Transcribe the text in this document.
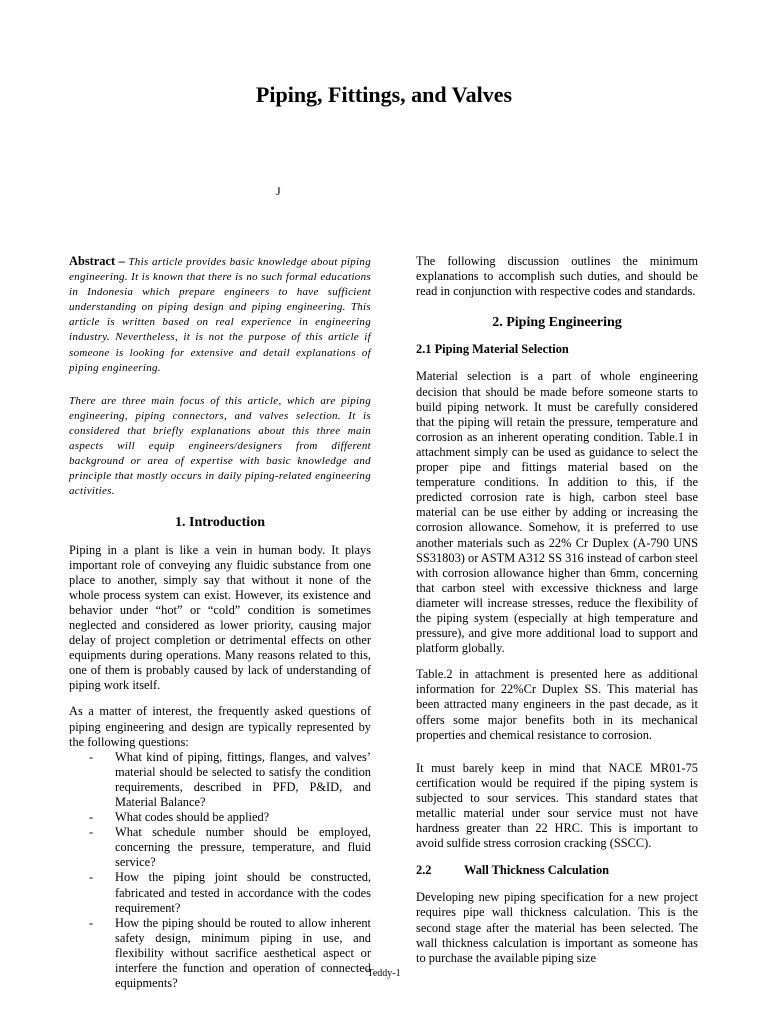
Piping, Fittings, and Valves
J
Abstract – This article provides basic knowledge about piping engineering. It is known that there is no such formal educations in Indonesia which prepare engineers to have sufficient understanding on piping design and piping engineering. This article is written based on real experience in engineering industry. Nevertheless, it is not the purpose of this article if someone is looking for extensive and detail explanations of piping engineering.
There are three main focus of this article, which are piping engineering, piping connectors, and valves selection. It is considered that briefly explanations about this three main aspects will equip engineers/designers from different background or area of expertise with basic knowledge and principle that mostly occurs in daily piping-related engineering activities.
1. Introduction

Piping in a plant is like a vein in human body. It plays important role of conveying any fluidic substance from one place to another, simply say that without it none of the whole process system can exist. However, its existence and behavior under “hot” or “cold” condition is sometimes neglected and considered as lower priority, causing major delay of project completion or detrimental effects on other equipments during operations. Many reasons related to this, one of them is probably caused by lack of understanding of piping work itself.

As a matter of interest, the frequently asked questions of piping engineering and design are typically represented by the following questions:

- What kind of piping, fittings, flanges, and valves’ material should be selected to satisfy the condition requirements, described in PFD, P&ID, and Material Balance?
- What codes should be applied?
- What schedule number should be employed, concerning the pressure, temperature, and fluid service?
- How the piping joint should be constructed, fabricated and tested in accordance with the codes requirement?
- How the piping should be routed to allow inherent safety design, minimum piping in use, and flexibility without sacrifice aesthetical aspect or interfere the function and operation of connected equipments?

The following discussion outlines the minimum explanations to accomplish such duties, and should be read in conjunction with respective codes and standards.

2. Piping Engineering
2.1 Piping Material Selection

Material selection is a part of whole engineering decision that should be made before someone starts to build piping network. It must be carefully considered that the piping will retain the pressure, temperature and corrosion as an inherent operating condition. Table.1 in attachment simply can be used as guidance to select the proper pipe and fittings material based on the temperature conditions. In addition to this, if the predicted corrosion rate is high, carbon steel base material can be use either by adding or increasing the corrosion allowance. Somehow, it is preferred to use another materials such as 22% Cr Duplex (A-790 UNS SS31803) or ASTM A312 SS 316 instead of carbon steel with corrosion allowance higher than 6mm, concerning that carbon steel with excessive thickness and large diameter will increase stresses, reduce the flexibility of the piping system (especially at high temperature and pressure), and give more additional load to support and platform globally.

Table.2 in attachment is presented here as additional information for 22%Cr Duplex SS. This material has been attracted many engineers in the past decade, as it offers some major benefits both in its mechanical properties and chemical resistance to corrosion.

It must barely keep in mind that NACE MR01-75 certification would be required if the piping system is subjected to sour services. This standard states that metallic material under sour service must not have hardness greater than 22 HRC. This is important to avoid sulfide stress corrosion cracking (SSCC).

2.2	Wall Thickness Calculation

Developing new piping specification for a new project requires pipe wall thickness calculation. This is the second stage after the material has been selected. The wall thickness calculation is important as someone has to purchase the available piping size

Teddy-1
